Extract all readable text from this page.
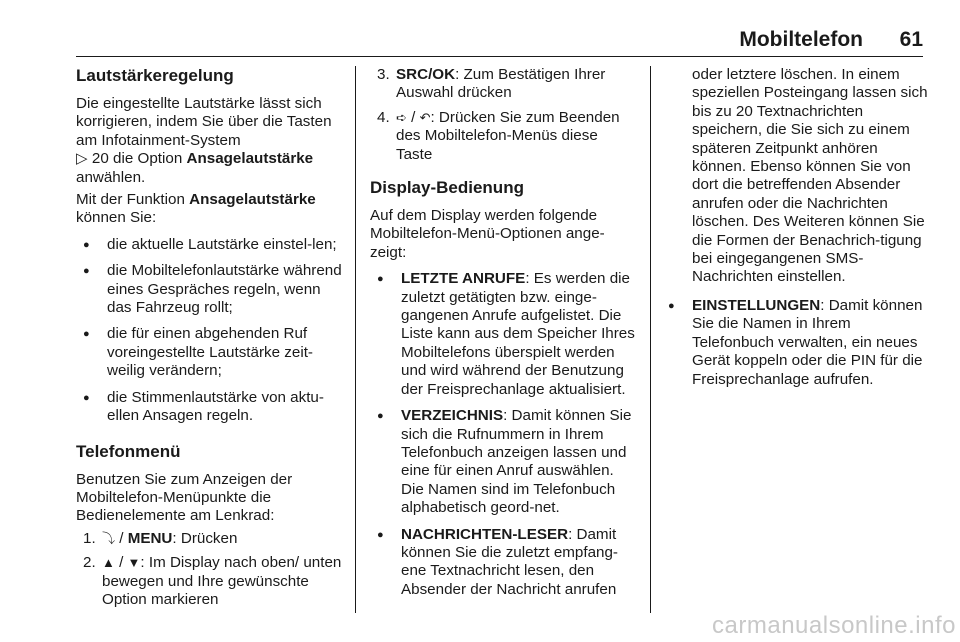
Mobiltelefon 61
Lautstärkeregelung

Die eingestellte Lautstärke lässt sich korrigieren, indem Sie über die Tasten am Infotainment-System
▷ 20 die Option Ansagelautstärke anwählen.

Mit der Funktion Ansagelautstärke können Sie:

● die aktuelle Lautstärke einstel-len;
● die Mobiltelefonlautstärke während eines Gespräches regeln, wenn das Fahrzeug rollt;
● die für einen abgehenden Ruf voreingestellte Lautstärke zeit-weilig verändern;
● die Stimmenlautstärke von aktu-ellen Ansagen regeln.
Telefonmenü

Benutzen Sie zum Anzeigen der Mobiltelefon-Menüpunkte die Bedienelemente am Lenkrad:

1. ⤵ / MENU: Drücken
2. ▲ / ▼: Im Display nach oben/ unten bewegen und Ihre gewünschte Option markieren
3. SRC/OK: Zum Bestätigen Ihrer Auswahl drücken
4. ➪ / ↶: Drücken Sie zum Beenden des Mobiltelefon-Menüs diese Taste
Display-Bedienung

Auf dem Display werden folgende Mobiltelefon-Menü-Optionen ange-zeigt:

● LETZTE ANRUFE: Es werden die zuletzt getätigten bzw. einge-gangenen Anrufe aufgelistet. Die Liste kann aus dem Speicher Ihres Mobiltelefons überspielt werden und wird während der Benutzung der Freisprechanlage aktualisiert.
● VERZEICHNIS: Damit können Sie sich die Rufnummern in Ihrem Telefonbuch anzeigen lassen und eine für einen Anruf auswählen. Die Namen sind im Telefonbuch alphabetisch geord-net.
● NACHRICHTEN-LESER: Damit können Sie die zuletzt empfang-ene Textnachricht lesen, den Absender der Nachricht anrufen

oder letztere löschen. In einem speziellen Posteingang lassen sich bis zu 20 Textnachrichten speichern, die Sie sich zu einem späteren Zeitpunkt anhören können. Ebenso können Sie von dort die betreffenden Absender anrufen oder die Nachrichten löschen. Des Weiteren können Sie die Formen der Benachrich-tigung bei eingegangenen SMS-Nachrichten einstellen.

● EINSTELLUNGEN: Damit können Sie die Namen in Ihrem Telefonbuch verwalten, ein neues Gerät koppeln oder die PIN für die Freisprechanlage aufrufen.
carmanualsonline.info
